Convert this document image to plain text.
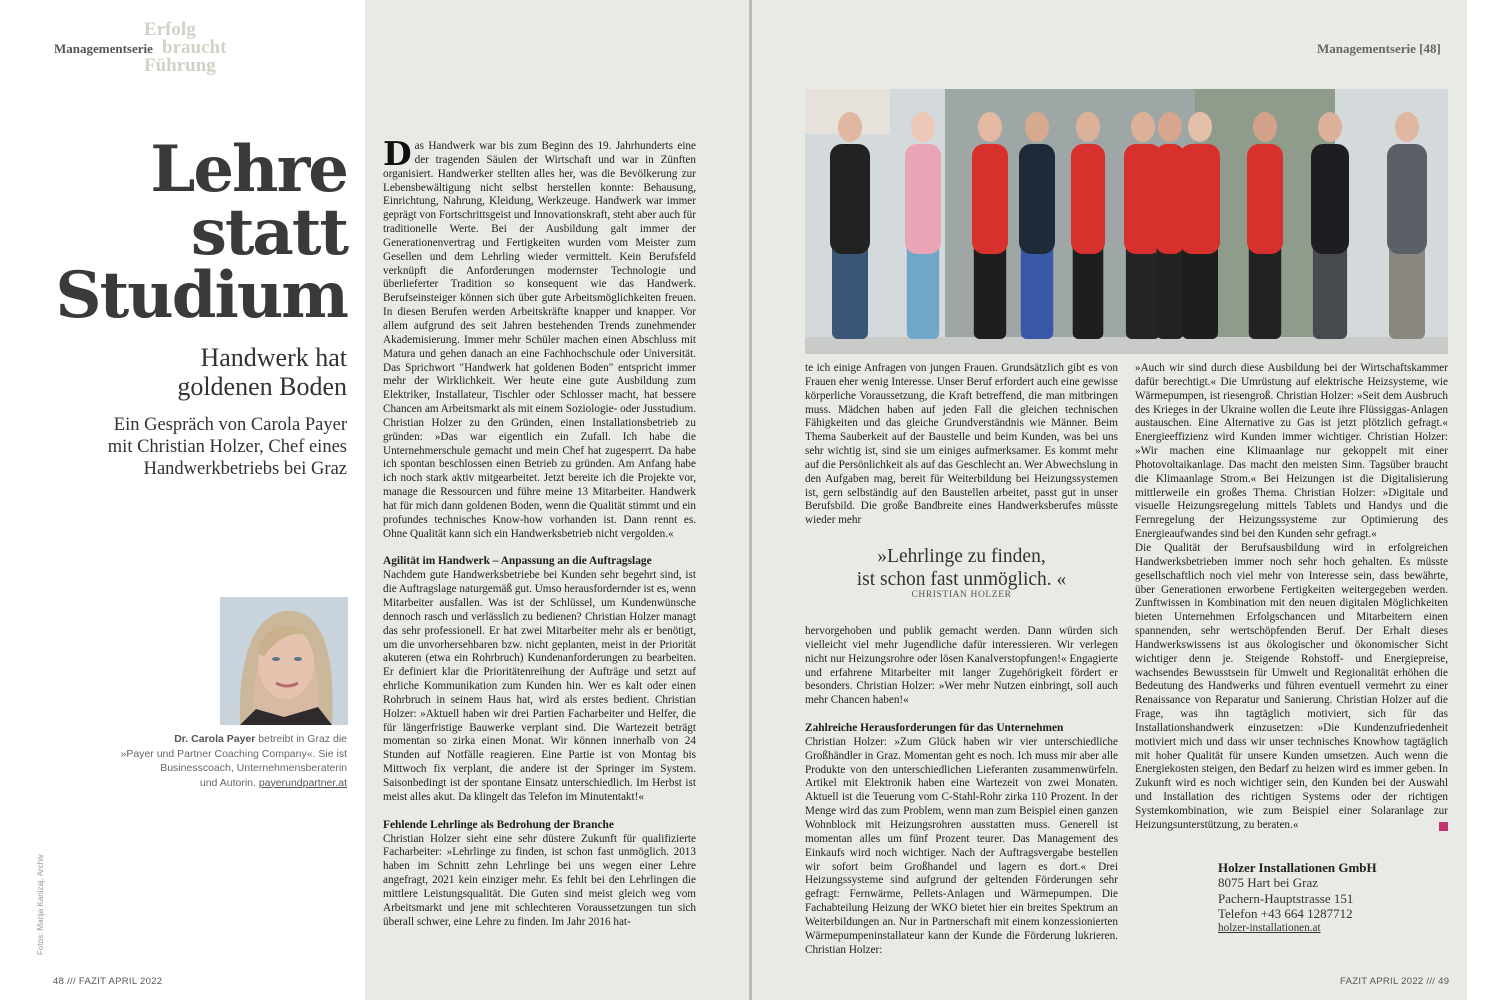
Managementserie
Erfolg
braucht
Führung
Lehre
statt
Studium
Handwerk hat
goldenen Boden
Ein Gespräch von Carola Payer
mit Christian Holzer, Chef eines
Handwerkbetriebs bei Graz
Dr. Carola Payer betreibt in Graz die
»Payer und Partner Coaching Company«. Sie ist
Businesscoach, Unternehmensberaterin
und Autorin. payerundpartner.at
Fotos: Marija Kanizaj, Archiv
48 /// FAZIT APRIL 2022
D as Handwerk war bis zum Beginn des 19. Jahrhunderts eine der tragenden Säulen der Wirtschaft und war in Zünften organisiert. Handwerker stellten alles her, was die Bevölkerung zur Lebensbewältigung nicht selbst herstellen konnte: Behausung, Einrichtung, Nahrung, Kleidung, Werkzeuge. Handwerk war immer geprägt von Fortschrittsgeist und Innovationskraft, steht aber auch für traditionelle Werte. Bei der Ausbildung galt immer der Generationenvertrag und Fertigkeiten wurden vom Meister zum Gesellen und dem Lehrling wieder vermittelt. Kein Berufsfeld verknüpft die Anforderungen modernster Technologie und überlieferter Tradition so konsequent wie das Handwerk. Berufseinsteiger können sich über gute Arbeitsmöglichkeiten freuen. In diesen Berufen werden Arbeitskräfte knapper und knapper. Vor allem aufgrund des seit Jahren bestehenden Trends zunehmender Akademisierung. Immer mehr Schüler machen einen Abschluss mit Matura und gehen danach an eine Fachhochschule oder Universität. Das Sprichwort "Handwerk hat goldenen Boden" entspricht immer mehr der Wirklichkeit. Wer heute eine gute Ausbildung zum Elektriker, Installateur, Tischler oder Schlosser macht, hat bessere Chancen am Arbeitsmarkt als mit einem Soziologie- oder Jusstudium. Christian Holzer zu den Gründen, einen Installationsbetrieb zu gründen: »Das war eigentlich ein Zufall. Ich habe die Unternehmerschule gemacht und mein Chef hat zugesperrt. Da habe ich spontan beschlossen einen Betrieb zu gründen. Am Anfang habe ich noch stark aktiv mitgearbeitet. Jetzt bereite ich die Projekte vor, manage die Ressourcen und führe meine 13 Mitarbeiter. Handwerk hat für mich dann goldenen Boden, wenn die Qualität stimmt und ein profundes technisches Know-how vorhanden ist. Dann rennt es. Ohne Qualität kann sich ein Handwerksbetrieb nicht vergolden.«

Agilität im Handwerk – Anpassung an die Auftragslage

Nachdem gute Handwerksbetriebe bei Kunden sehr begehrt sind, ist die Auftragslage naturgemäß gut. Umso herausfordernder ist es, wenn Mitarbeiter ausfallen. Was ist der Schlüssel, um Kundenwünsche dennoch rasch und verlässlich zu bedienen? Christian Holzer managt das sehr professionell. Er hat zwei Mitarbeiter mehr als er benötigt, um die unvorhersehbaren bzw. nicht geplanten, meist in der Priorität akuteren (etwa ein Rohrbruch) Kundenanforderungen zu bearbeiten. Er definiert klar die Prioritätenreihung der Aufträge und setzt auf ehrliche Kommunikation zum Kunden hin. Wer es kalt oder einen Rohrbruch in seinem Haus hat, wird als erstes bedient. Christian Holzer: »Aktuell haben wir drei Partien Facharbeiter und Helfer, die für längerfristige Bauwerke verplant sind. Die Wartezeit beträgt momentan so zirka einen Monat. Wir können innerhalb von 24 Stunden auf Notfälle reagieren. Eine Partie ist von Montag bis Mittwoch fix verplant, die andere ist der Springer im System. Saisonbedingt ist der spontane Einsatz unterschiedlich. Im Herbst ist meist alles akut. Da klingelt das Telefon im Minutentakt!«

Fehlende Lehrlinge als Bedrohung der Branche

Christian Holzer sieht eine sehr düstere Zukunft für qualifizierte Facharbeiter: »Lehrlinge zu finden, ist schon fast unmöglich. 2013 haben im Schnitt zehn Lehrlinge bei uns wegen einer Lehre angefragt, 2021 kein einziger mehr. Es fehlt bei den Lehrlingen die mittlere Leistungsqualität. Die Guten sind meist gleich weg vom Arbeitsmarkt und jene mit schlechteren Voraussetzungen tun sich überall schwer, eine Lehre zu finden. Im Jahr 2016 hat-

Managementserie [48]

te ich einige Anfragen von jungen Frauen. Grundsätzlich gibt es von Frauen eher wenig Interesse. Unser Beruf erfordert auch eine gewisse körperliche Voraussetzung, die Kraft betreffend, die man mitbringen muss. Mädchen haben auf jeden Fall die gleichen technischen Fähigkeiten und das gleiche Grundverständnis wie Männer. Beim Thema Sauberkeit auf der Baustelle und beim Kunden, was bei uns sehr wichtig ist, sind sie um einiges aufmerksamer. Es kommt mehr auf die Persönlichkeit als auf das Geschlecht an. Wer Abwechslung in den Aufgaben mag, bereit für Weiterbildung bei Heizungssystemen ist, gern selbständig auf den Baustellen arbeitet, passt gut in unser Berufsbild. Die große Bandbreite eines Handwerksberufes müsste wieder mehr

»Lehrlinge zu finden,
ist schon fast unmöglich. «
CHRISTIAN HOLZER

hervorgehoben und publik gemacht werden. Dann würden sich vielleicht viel mehr Jugendliche dafür interessieren. Wir verlegen nicht nur Heizungsrohre oder lösen Kanalverstopfungen!« Engagierte und erfahrene Mitarbeiter mit langer Zugehörigkeit fördert er besonders. Christian Holzer: »Wer mehr Nutzen einbringt, soll auch mehr Chancen haben!«

Zahlreiche Herausforderungen für das Unternehmen

Christian Holzer: »Zum Glück haben wir vier unterschiedliche Großhändler in Graz. Momentan geht es noch. Ich muss mir aber alle Produkte von den unterschiedlichen Lieferanten zusammenwürfeln. Artikel mit Elektronik haben eine Wartezeit von zwei Monaten. Aktuell ist die Teuerung vom C-Stahl-Rohr zirka 110 Prozent. In der Menge wird das zum Problem, wenn man zum Beispiel einen ganzen Wohnblock mit Heizungsrohren ausstatten muss. Generell ist momentan alles um fünf Prozent teurer. Das Management des Einkaufs wird noch wichtiger. Nach der Auftragsvergabe bestellen wir sofort beim Großhandel und lagern es dort.« Drei Heizungssysteme sind aufgrund der geltenden Förderungen sehr gefragt: Fernwärme, Pellets-Anlagen und Wärmepumpen. Die Fachabteilung Heizung der WKO bietet hier ein breites Spektrum an Weiterbildungen an. Nur in Partnerschaft mit einem konzessionierten Wärmepumpeninstallateur kann der Kunde die Förderung lukrieren. Christian Holzer:

»Auch wir sind durch diese Ausbildung bei der Wirtschaftskammer dafür berechtigt.« Die Umrüstung auf elektrische Heizsysteme, wie Wärmepumpen, ist riesengroß. Christian Holzer: »Seit dem Ausbruch des Krieges in der Ukraine wollen die Leute ihre Flüssiggas-Anlagen austauschen. Eine Alternative zu Gas ist jetzt plötzlich gefragt.« Energieeffizienz wird Kunden immer wichtiger. Christian Holzer: »Wir machen eine Klimaanlage nur gekoppelt mit einer Photovoltaikanlage. Das macht den meisten Sinn. Tagsüber braucht die Klimaanlage Strom.« Bei Heizungen ist die Digitalisierung mittlerweile ein großes Thema. Christian Holzer: »Digitale und visuelle Heizungsregelung mittels Tablets und Handys und die Fernregelung der Heizungssysteme zur Optimierung des Energieaufwandes sind bei den Kunden sehr gefragt.«

Die Qualität der Berufsausbildung wird in erfolgreichen Handwerksbetrieben immer noch sehr hoch gehalten. Es müsste gesellschaftlich noch viel mehr von Interesse sein, dass bewährte, über Generationen erworbene Fertigkeiten weitergegeben werden. Zunftwissen in Kombination mit den neuen digitalen Möglichkeiten bieten Unternehmen Erfolgschancen und Mitarbeitern einen spannenden, sehr wertschöpfenden Beruf. Der Erhalt dieses Handwerkswissens ist aus ökologischer und ökonomischer Sicht wichtiger denn je. Steigende Rohstoff- und Energiepreise, wachsendes Bewusstsein für Umwelt und Regionalität erhöhen die Bedeutung des Handwerks und führen eventuell vermehrt zu einer Renaissance von Reparatur und Sanierung. Christian Holzer auf die Frage, was ihn tagtäglich motiviert, sich für das Installationshandwerk einzusetzen: »Die Kundenzufriedenheit motiviert mich und dass wir unser technisches Knowhow tagtäglich mit hoher Qualität für unsere Kunden umsetzen. Auch wenn die Energiekosten steigen, den Bedarf zu heizen wird es immer geben. In Zukunft wird es noch wichtiger sein, den Kunden bei der Auswahl und Installation des richtigen Systems oder der richtigen Systemkombination, wie zum Beispiel einer Solaranlage zur Heizungsunterstützung, zu beraten.«

Holzer Installationen GmbH
8075 Hart bei Graz
Pachern-Hauptstrasse 151
Telefon +43 664 1287712
holzer-installationen.at
FAZIT APRIL 2022 /// 49
